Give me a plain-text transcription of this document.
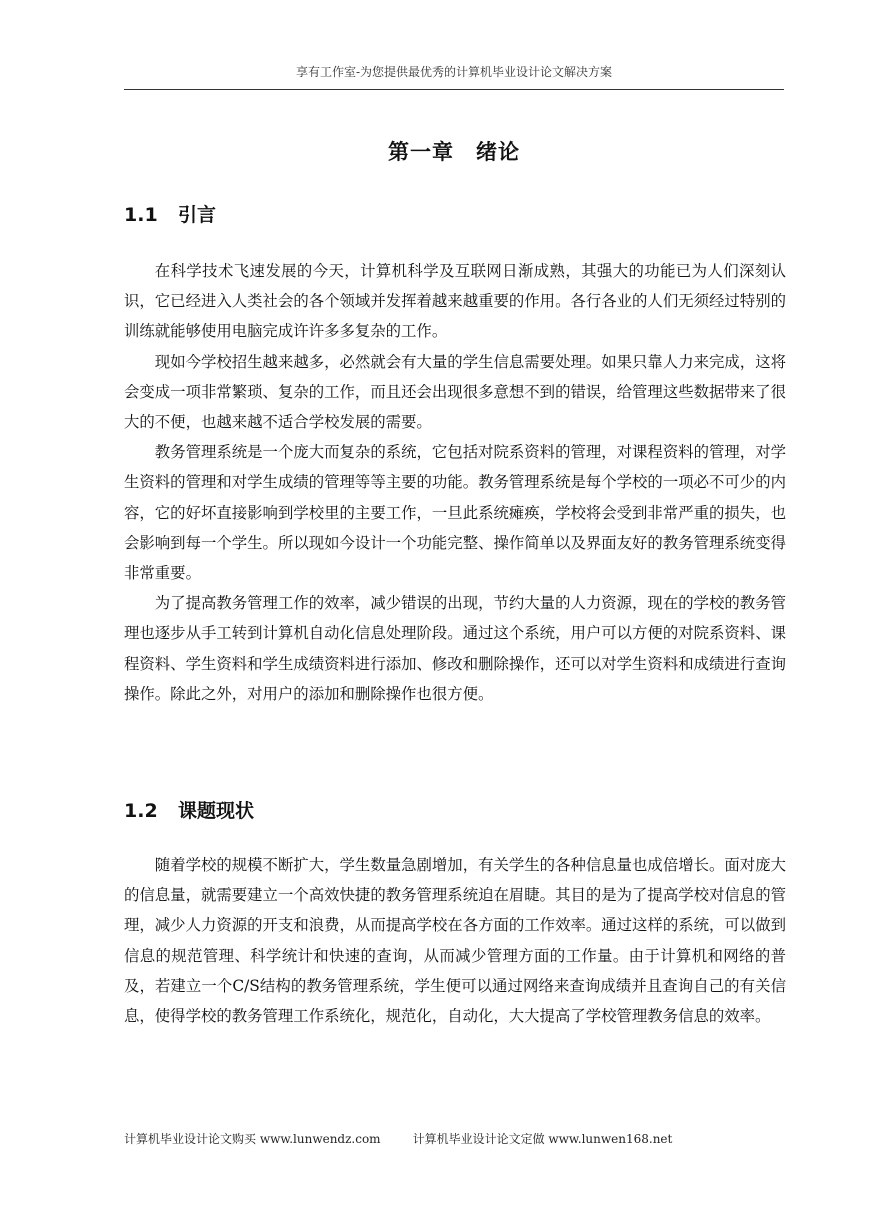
享有工作室-为您提供最优秀的计算机毕业设计论文解决方案
第一章　绪论
1.1 引言

在科学技术飞速发展的今天，计算机科学及互联网日渐成熟，其强大的功能已为人们深刻认识，它已经进入人类社会的各个领域并发挥着越来越重要的作用。各行各业的人们无须经过特别的训练就能够使用电脑完成许许多多复杂的工作。

现如今学校招生越来越多，必然就会有大量的学生信息需要处理。如果只靠人力来完成，这将会变成一项非常繁琐、复杂的工作，而且还会出现很多意想不到的错误，给管理这些数据带来了很大的不便，也越来越不适合学校发展的需要。

教务管理系统是一个庞大而复杂的系统，它包括对院系资料的管理，对课程资料的管理，对学生资料的管理和对学生成绩的管理等等主要的功能。教务管理系统是每个学校的一项必不可少的内容，它的好坏直接影响到学校里的主要工作，一旦此系统瘫痪，学校将会受到非常严重的损失，也会影响到每一个学生。所以现如今设计一个功能完整、操作简单以及界面友好的教务管理系统变得非常重要。

为了提高教务管理工作的效率，减少错误的出现，节约大量的人力资源，现在的学校的教务管理也逐步从手工转到计算机自动化信息处理阶段。通过这个系统，用户可以方便的对院系资料、课程资料、学生资料和学生成绩资料进行添加、修改和删除操作，还可以对学生资料和成绩进行查询操作。除此之外，对用户的添加和删除操作也很方便。

1.2 课题现状

随着学校的规模不断扩大，学生数量急剧增加，有关学生的各种信息量也成倍增长。面对庞大的信息量，就需要建立一个高效快捷的教务管理系统迫在眉睫。其目的是为了提高学校对信息的管理，减少人力资源的开支和浪费，从而提高学校在各方面的工作效率。通过这样的系统，可以做到信息的规范管理、科学统计和快速的查询，从而减少管理方面的工作量。由于计算机和网络的普及，若建立一个C/S结构的教务管理系统，学生便可以通过网络来查询成绩并且查询自己的有关信息，使得学校的教务管理工作系统化，规范化，自动化，大大提高了学校管理教务信息的效率。

计算机毕业设计论文购买 www.lunwendz.com	计算机毕业设计论文定做 www.lunwen168.net
